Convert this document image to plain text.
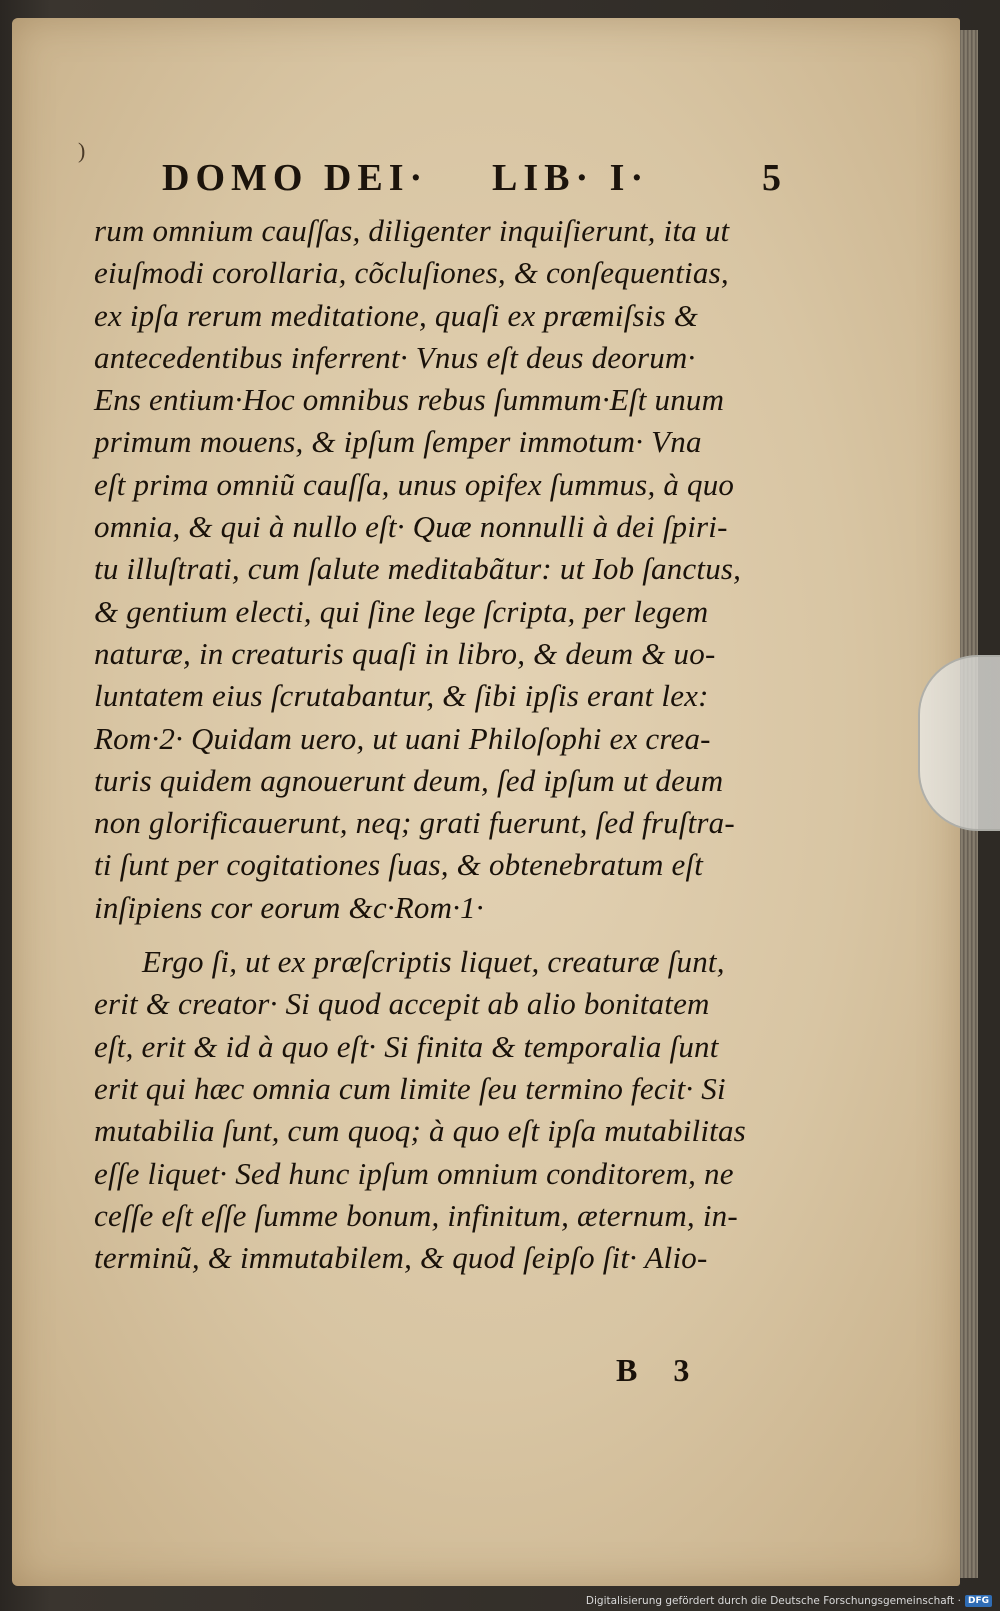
)
DOMO DEI· LIB· I·	5
rum omnium cauſſas, diligenter inquiſierunt, ita ut
eiuſmodi corollaria, cõcluſiones, & conſequentias,
ex ipſa rerum meditatione, quaſi ex præmiſsis &
antecedentibus inferrent· Vnus eſt deus deorum·
Ens entium·Hoc omnibus rebus ſummum·Eſt unum
primum mouens, & ipſum ſemper immotum· Vna
eſt prima omniũ cauſſa, unus opifex ſummus, à quo
omnia, & qui à nullo eſt· Quæ nonnulli à dei ſpiri-
tu illuſtrati, cum ſalute meditabãtur: ut Iob ſanctus,
& gentium electi, qui ſine lege ſcripta, per legem
naturæ, in creaturis quaſi in libro, & deum & uo-
luntatem eius ſcrutabantur, & ſibi ipſis erant lex:
Rom·2· Quidam uero, ut uani Philoſophi ex crea-
turis quidem agnouerunt deum, ſed ipſum ut deum
non glorificauerunt, neq; grati fuerunt, ſed fruſtra-
ti ſunt per cogitationes ſuas, & obtenebratum eſt
inſipiens cor eorum &c·Rom·1·
Ergo ſi, ut ex præſcriptis liquet, creaturæ ſunt,
erit & creator· Si quod accepit ab alio bonitatem
eſt, erit & id à quo eſt· Si finita & temporalia ſunt
erit qui hæc omnia cum limite ſeu termino fecit· Si
mutabilia ſunt, cum quoq; à quo eſt ipſa mutabilitas
eſſe liquet· Sed hunc ipſum omnium conditorem, ne
ceſſe eſt eſſe ſumme bonum, infinitum, æternum, in-
terminũ, & immutabilem, & quod ſeipſo ſit· Alio-
B 3
Digitalisierung gefördert durch die Deutsche Forschungsgemeinschaft · DFG
